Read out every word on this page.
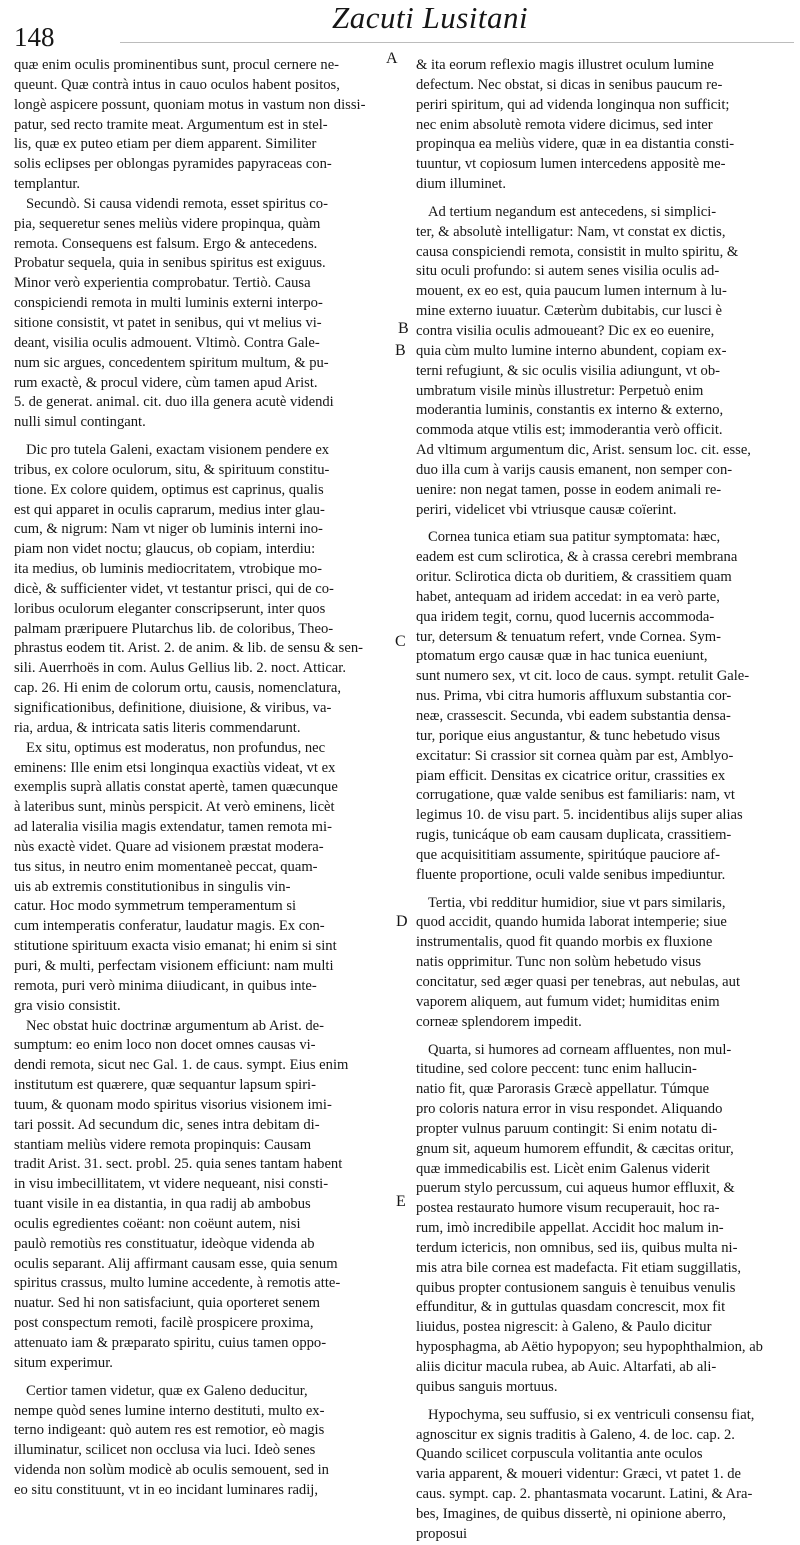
148
Zacuti Lusitani
A
B
B
C
D
E
quæ enim oculis prominentibus sunt, procul cernere ne-
queunt. Quæ contrà intus in cauo oculos habent positos,
longè aspicere possunt, quoniam motus in vastum non dissi-
patur, sed recto tramite meat. Argumentum est in stel-
lis, quæ ex puteo etiam per diem apparent. Similiter
solis eclipses per oblongas pyramides papyraceas con-
templantur.
Secundò. Si causa videndi remota, esset spiritus co-
pia, sequeretur senes meliùs videre propinqua, quàm
remota. Consequens est falsum. Ergo & antecedens.
Probatur sequela, quia in senibus spiritus est exiguus.
Minor verò experientia comprobatur. Tertiò. Causa
conspiciendi remota in multi luminis externi interpo-
sitione consistit, vt patet in senibus, qui vt melius vi-
deant, visilia oculis admouent. Vltimò. Contra Gale-
num sic argues, concedentem spiritum multum, & pu-
rum exactè, & procul videre, cùm tamen apud Arist.
5. de generat. animal. cit. duo illa genera acutè videndi
nulli simul contingant.
Dic pro tutela Galeni, exactam visionem pendere ex
tribus, ex colore oculorum, situ, & spirituum constitu-
tione. Ex colore quidem, optimus est caprinus, qualis
est qui apparet in oculis caprarum, medius inter glau-
cum, & nigrum: Nam vt niger ob luminis interni ino-
piam non videt noctu; glaucus, ob copiam, interdiu:
ita medius, ob luminis mediocritatem, vtrobique mo-
dicè, & sufficienter videt, vt testantur prisci, qui de co-
loribus oculorum eleganter conscripserunt, inter quos
palmam præripuere Plutarchus lib. de coloribus, Theo-
phrastus eodem tit. Arist. 2. de anim. & lib. de sensu & sen-
sili. Auerrhoës in com. Aulus Gellius lib. 2. noct. Atticar.
cap. 26. Hi enim de colorum ortu, causis, nomenclatura,
significationibus, definitione, diuisione, & viribus, va-
ria, ardua, & intricata satis literis commendarunt.
Ex situ, optimus est moderatus, non profundus, nec
eminens: Ille enim etsi longinqua exactiùs videat, vt ex
exemplis suprà allatis constat apertè, tamen quæcunque
à lateribus sunt, minùs perspicit. At verò eminens, licèt
ad lateralia visilia magis extendatur, tamen remota mi-
nùs exactè videt. Quare ad visionem præstat modera-
tus situs, in neutro enim momentaneè peccat, quam-
uis ab extremis constitutionibus in singulis vin-
catur. Hoc modo symmetrum temperamentum si
cum intemperatis conferatur, laudatur magis. Ex con-
stitutione spirituum exacta visio emanat; hi enim si sint
puri, & multi, perfectam visionem efficiunt: nam multi
remota, puri verò minima diiudicant, in quibus inte-
gra visio consistit.
Nec obstat huic doctrinæ argumentum ab Arist. de-
sumptum: eo enim loco non docet omnes causas vi-
dendi remota, sicut nec Gal. 1. de caus. sympt. Eius enim
institutum est quærere, quæ sequantur lapsum spiri-
tuum, & quonam modo spiritus visorius visionem imi-
tari possit. Ad secundum dic, senes intra debitam di-
stantiam meliùs videre remota propinquis: Causam
tradit Arist. 31. sect. probl. 25. quia senes tantam habent
in visu imbecillitatem, vt videre nequeant, nisi consti-
tuant visile in ea distantia, in qua radij ab ambobus
oculis egredientes coëant: non coëunt autem, nisi
paulò remotiùs res constituatur, ideòque videnda ab
oculis separant. Alij affirmant causam esse, quia senum
spiritus crassus, multo lumine accedente, à remotis atte-
nuatur. Sed hi non satisfaciunt, quia oporteret senem
post conspectum remoti, facilè prospicere proxima,
attenuato iam & præparato spiritu, cuius tamen oppo-
situm experimur.
Certior tamen videtur, quæ ex Galeno deducitur,
nempe quòd senes lumine interno destituti, multo ex-
terno indigeant: quò autem res est remotior, eò magis
illuminatur, scilicet non occlusa via luci. Ideò senes
videnda non solùm modicè ab oculis semouent, sed in
eo situ constituunt, vt in eo incidant luminares radij,
& ita eorum reflexio magis illustret oculum lumine
defectum. Nec obstat, si dicas in senibus paucum re-
periri spiritum, qui ad videnda longinqua non sufficit;
nec enim absolutè remota videre dicimus, sed inter
propinqua ea meliùs videre, quæ in ea distantia consti-
tuuntur, vt copiosum lumen intercedens appositè me-
dium illuminet.
Ad tertium negandum est antecedens, si simplici-
ter, & absolutè intelligatur: Nam, vt constat ex dictis,
causa conspiciendi remota, consistit in multo spiritu, &
situ oculi profundo: si autem senes visilia oculis ad-
mouent, ex eo est, quia paucum lumen internum à lu-
mine externo iuuatur. Cæterùm dubitabis, cur lusci è
contra visilia oculis admoueant? Dic ex eo euenire,
quia cùm multo lumine interno abundent, copiam ex-
terni refugiunt, & sic oculis visilia adiungunt, vt ob-
umbratum visile minùs illustretur: Perpetuò enim
moderantia luminis, constantis ex interno & externo,
commoda atque vtilis est; immoderantia verò officit.
Ad vltimum argumentum dic, Arist. sensum loc. cit. esse,
duo illa cum à varijs causis emanent, non semper con-
uenire: non negat tamen, posse in eodem animali re-
periri, videlicet vbi vtriusque causæ coïerint.
Cornea tunica etiam sua patitur symptomata: hæc,
eadem est cum sclirotica, & à crassa cerebri membrana
oritur. Sclirotica dicta ob duritiem, & crassitiem quam
habet, antequam ad iridem accedat: in ea verò parte,
qua iridem tegit, cornu, quod lucernis accommoda-
tur, detersum & tenuatum refert, vnde Cornea. Sym-
ptomatum ergo causæ quæ in hac tunica eueniunt,
sunt numero sex, vt cit. loco de caus. sympt. retulit Gale-
nus. Prima, vbi citra humoris affluxum substantia cor-
neæ, crassescit. Secunda, vbi eadem substantia densa-
tur, porique eius angustantur, & tunc hebetudo visus
excitatur: Si crassior sit cornea quàm par est, Amblyo-
piam efficit. Densitas ex cicatrice oritur, crassities ex
corrugatione, quæ valde senibus est familiaris: nam, vt
legimus 10. de visu part. 5. incidentibus alijs super alias
rugis, tunicáque ob eam causam duplicata, crassitiem-
que acquisititiam assumente, spiritúque pauciore af-
fluente proportione, oculi valde senibus impediuntur.
Tertia, vbi redditur humidior, siue vt pars similaris,
quod accidit, quando humida laborat intemperie; siue
instrumentalis, quod fit quando morbis ex fluxione
natis opprimitur. Tunc non solùm hebetudo visus
concitatur, sed æger quasi per tenebras, aut nebulas, aut
vaporem aliquem, aut fumum videt; humiditas enim
corneæ splendorem impedit.
Quarta, si humores ad corneam affluentes, non mul-
titudine, sed colore peccent: tunc enim hallucin-
natio fit, quæ Parorasis Græcè appellatur. Túmque
pro coloris natura error in visu respondet. Aliquando
propter vulnus paruum contingit: Si enim notatu di-
gnum sit, aqueum humorem effundit, & cæcitas oritur,
quæ immedicabilis est. Licèt enim Galenus viderit
puerum stylo percussum, cui aqueus humor effluxit, &
postea restaurato humore visum recuperauit, hoc ra-
rum, imò incredibile appellat. Accidit hoc malum in-
terdum ictericis, non omnibus, sed iis, quibus multa ni-
mis atra bile cornea est madefacta. Fit etiam suggillatis,
quibus propter contusionem sanguis è tenuibus venulis
effunditur, & in guttulas quasdam concrescit, mox fit
liuidus, postea nigrescit: à Galeno, & Paulo dicitur
hyposphagma, ab Aëtio hypopyon; seu hypophthalmion, ab
aliis dicitur macula rubea, ab Auic. Altarfati, ab ali-
quibus sanguis mortuus.
Hypochyma, seu suffusio, si ex ventriculi consensu fiat,
agnoscitur ex signis traditis à Galeno, 4. de loc. cap. 2.
Quando scilicet corpuscula volitantia ante oculos
varia apparent, & moueri videntur: Græci, vt patet 1. de
caus. sympt. cap. 2. phantasmata vocarunt. Latini, & Ara-
bes, Imagines, de quibus dissertè, ni opinione aberro,
proposui
